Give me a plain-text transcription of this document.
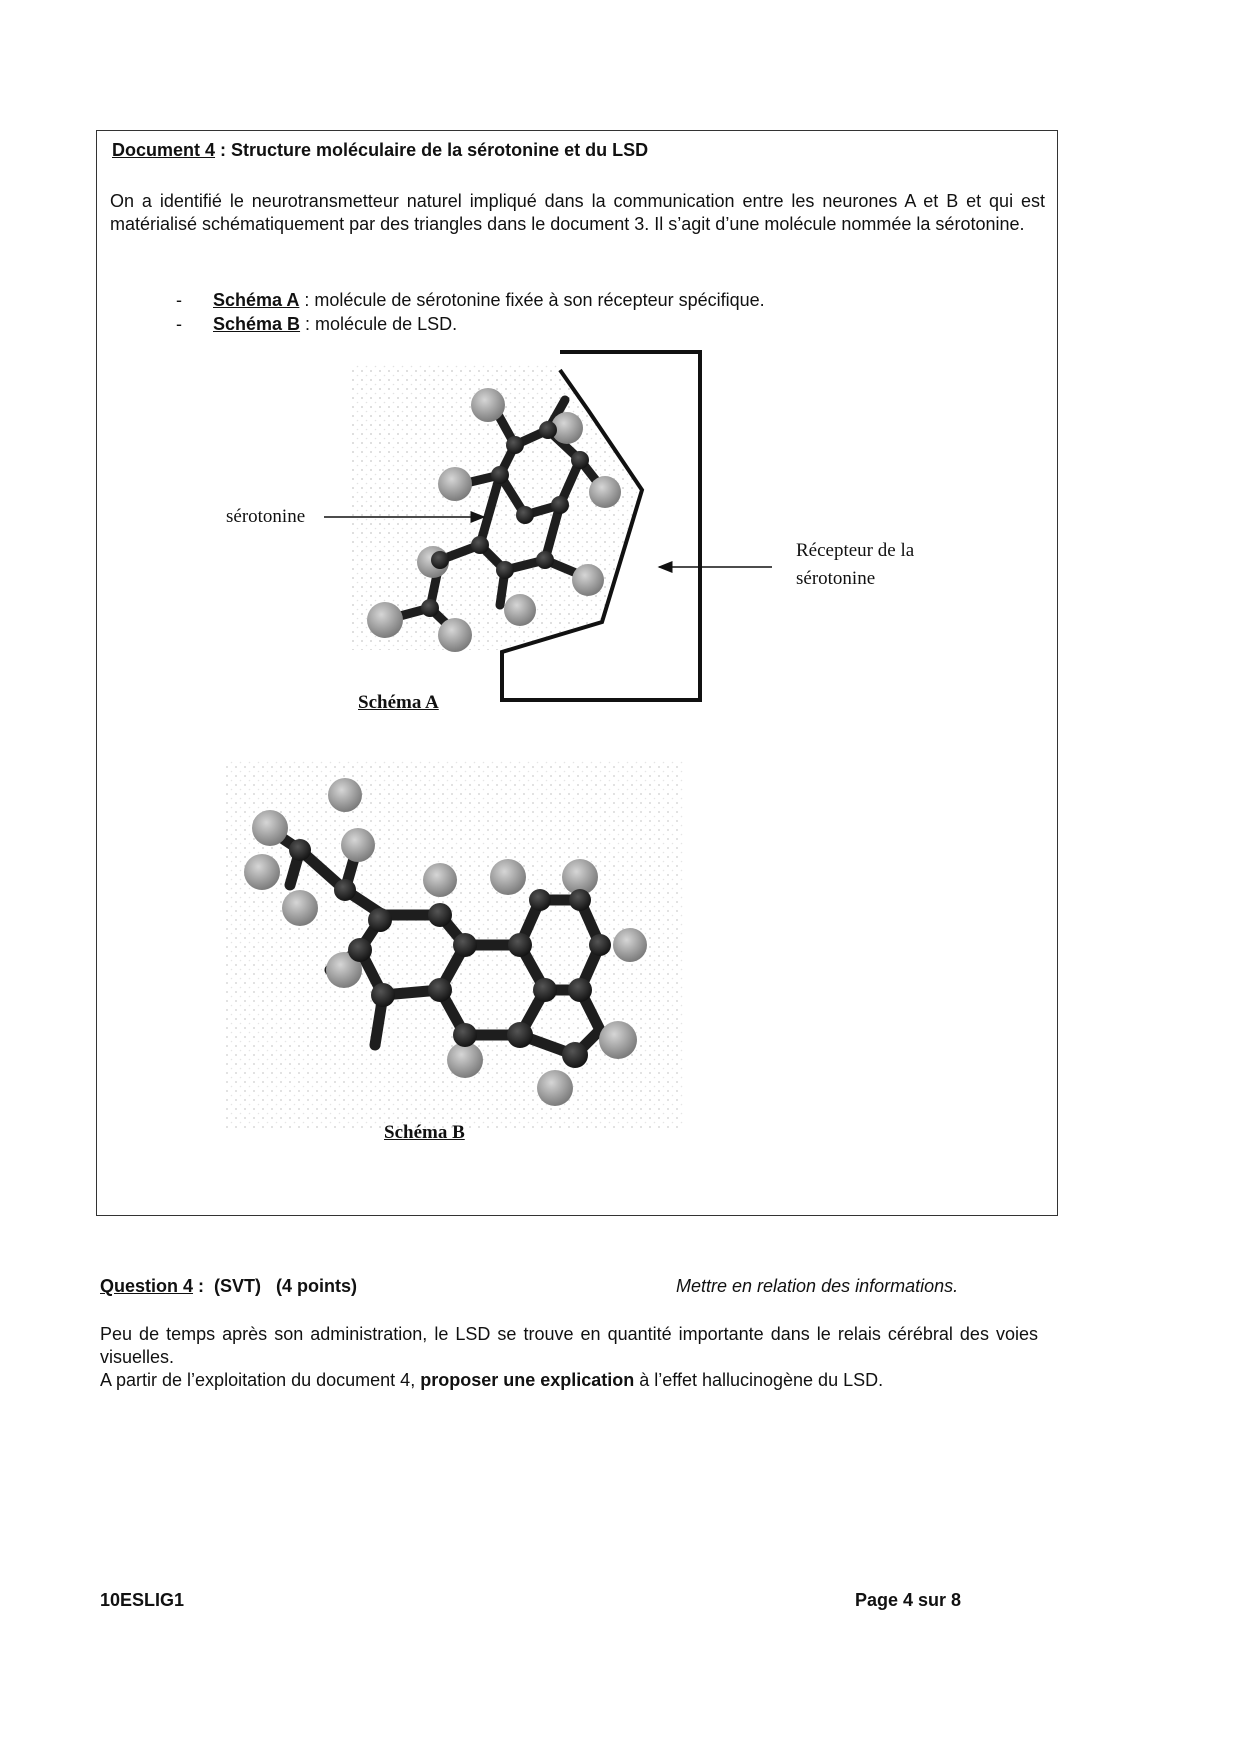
Document 4 : Structure moléculaire de la sérotonine et du LSD
On a identifié le neurotransmetteur naturel impliqué dans la communication entre les neurones A et B et qui est matérialisé schématiquement par des triangles dans le document 3. Il s’agit d’une molécule nommée la sérotonine.
-	Schéma A : molécule de sérotonine fixée à son récepteur spécifique.
-	Schéma B : molécule de LSD.
sérotonine
Récepteur de la
sérotonine
Schéma A
Schéma B
Question 4 :  (SVT)   (4 points)	Mettre en relation des informations.
Peu de temps après son administration, le LSD se trouve en quantité importante dans le relais cérébral des voies visuelles.
A partir de l’exploitation du document 4, proposer une explication à l’effet hallucinogène du LSD.
10ESLIG1	Page 4 sur 8
